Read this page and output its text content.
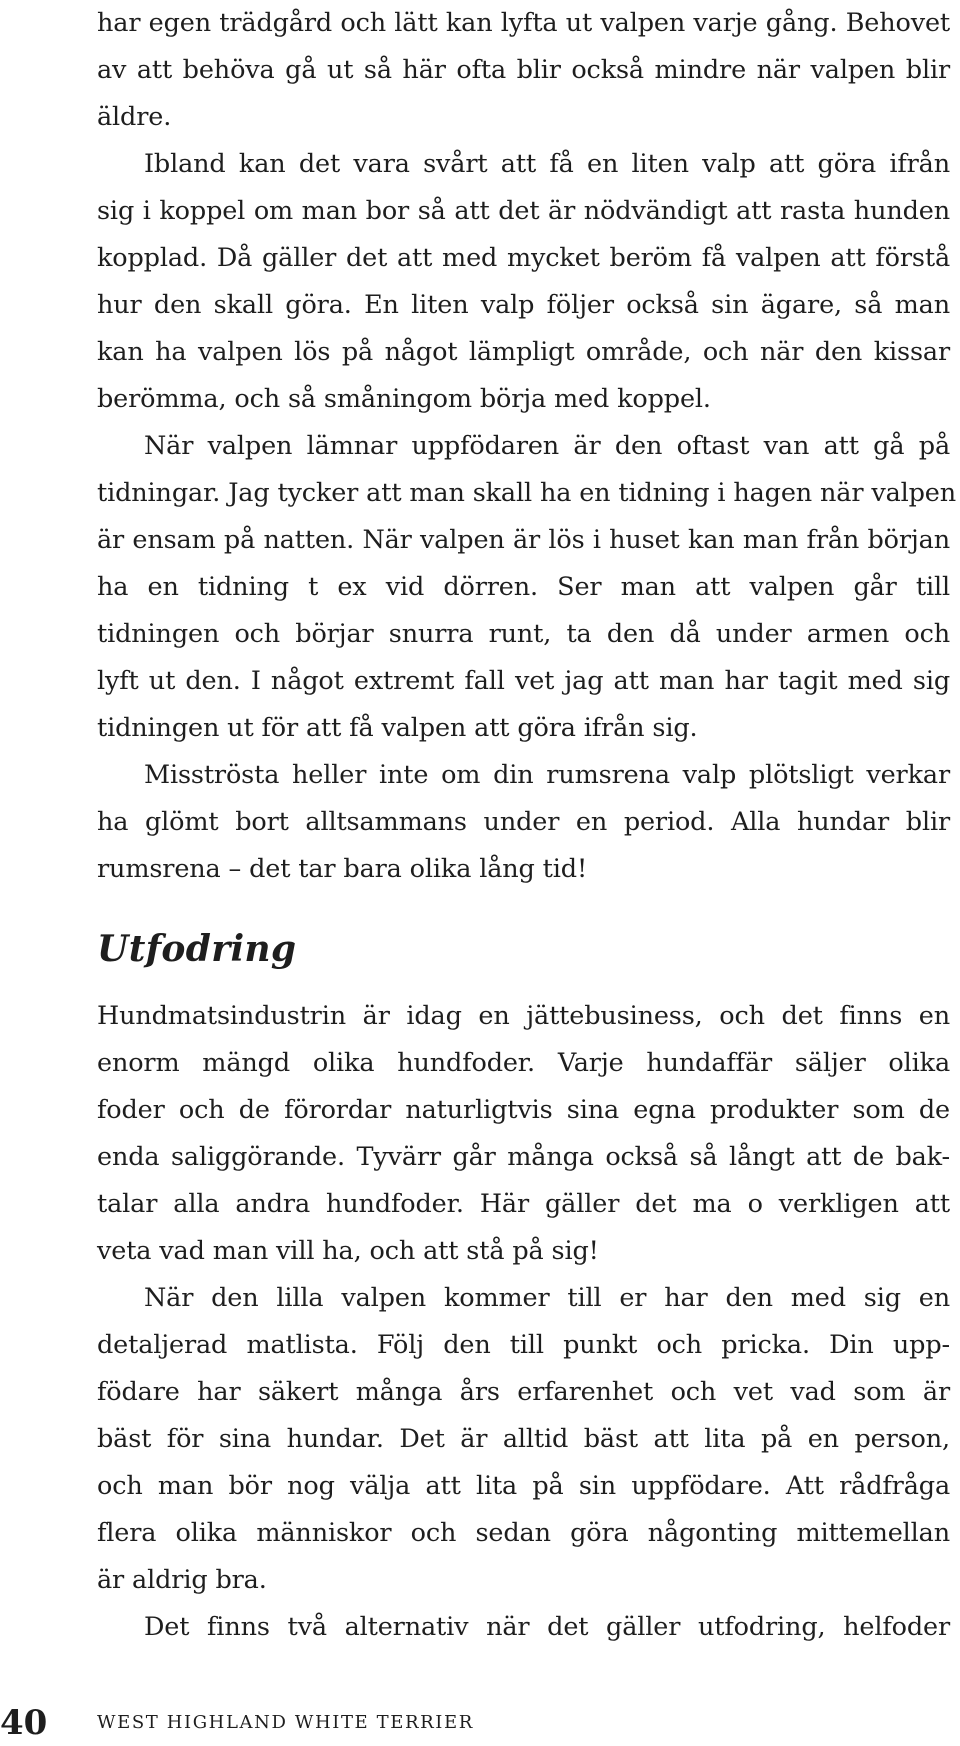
har egen trädgård och lätt kan lyfta ut valpen varje gång. Behovet
av att behöva gå ut så här ofta blir också mindre när valpen blir
äldre.
Ibland kan det vara svårt att få en liten valp att göra ifrån
sig i koppel om man bor så att det är nödvändigt att rasta hunden
kopplad. Då gäller det att med mycket beröm få valpen att förstå
hur den skall göra. En liten valp följer också sin ägare, så man
kan ha valpen lös på något lämpligt område, och när den kissar
berömma, och så småningom börja med koppel.
När valpen lämnar uppfödaren är den oftast van att gå på
tidningar. Jag tycker att man skall ha en tidning i hagen när valpen
är ensam på natten. När valpen är lös i huset kan man från början
ha en tidning t ex vid dörren. Ser man att valpen går till
tidningen och börjar snurra runt, ta den då under armen och
lyft ut den. I något extremt fall vet jag att man har tagit med sig
tidningen ut för att få valpen att göra ifrån sig.
Misströsta heller inte om din rumsrena valp plötsligt verkar
ha glömt bort alltsammans under en period. Alla hundar blir
rumsrena – det tar bara olika lång tid!
Utfodring
Hundmatsindustrin är idag en jättebusiness, och det finns en
enorm mängd olika hundfoder. Varje hundaffär säljer olika
foder och de förordar naturligtvis sina egna produkter som de
enda saliggörande. Tyvärr går många också så långt att de bak-
talar alla andra hundfoder. Här gäller det ma o verkligen att
veta vad man vill ha, och att stå på sig!
När den lilla valpen kommer till er har den med sig en
detaljerad matlista. Följ den till punkt och pricka. Din upp-
födare har säkert många års erfarenhet och vet vad som är
bäst för sina hundar. Det är alltid bäst att lita på en person,
och man bör nog välja att lita på sin uppfödare. Att rådfråga
flera olika människor och sedan göra någonting mittemellan
är aldrig bra.
Det finns två alternativ när det gäller utfodring, helfoder
40	WEST HIGHLAND WHITE TERRIER
